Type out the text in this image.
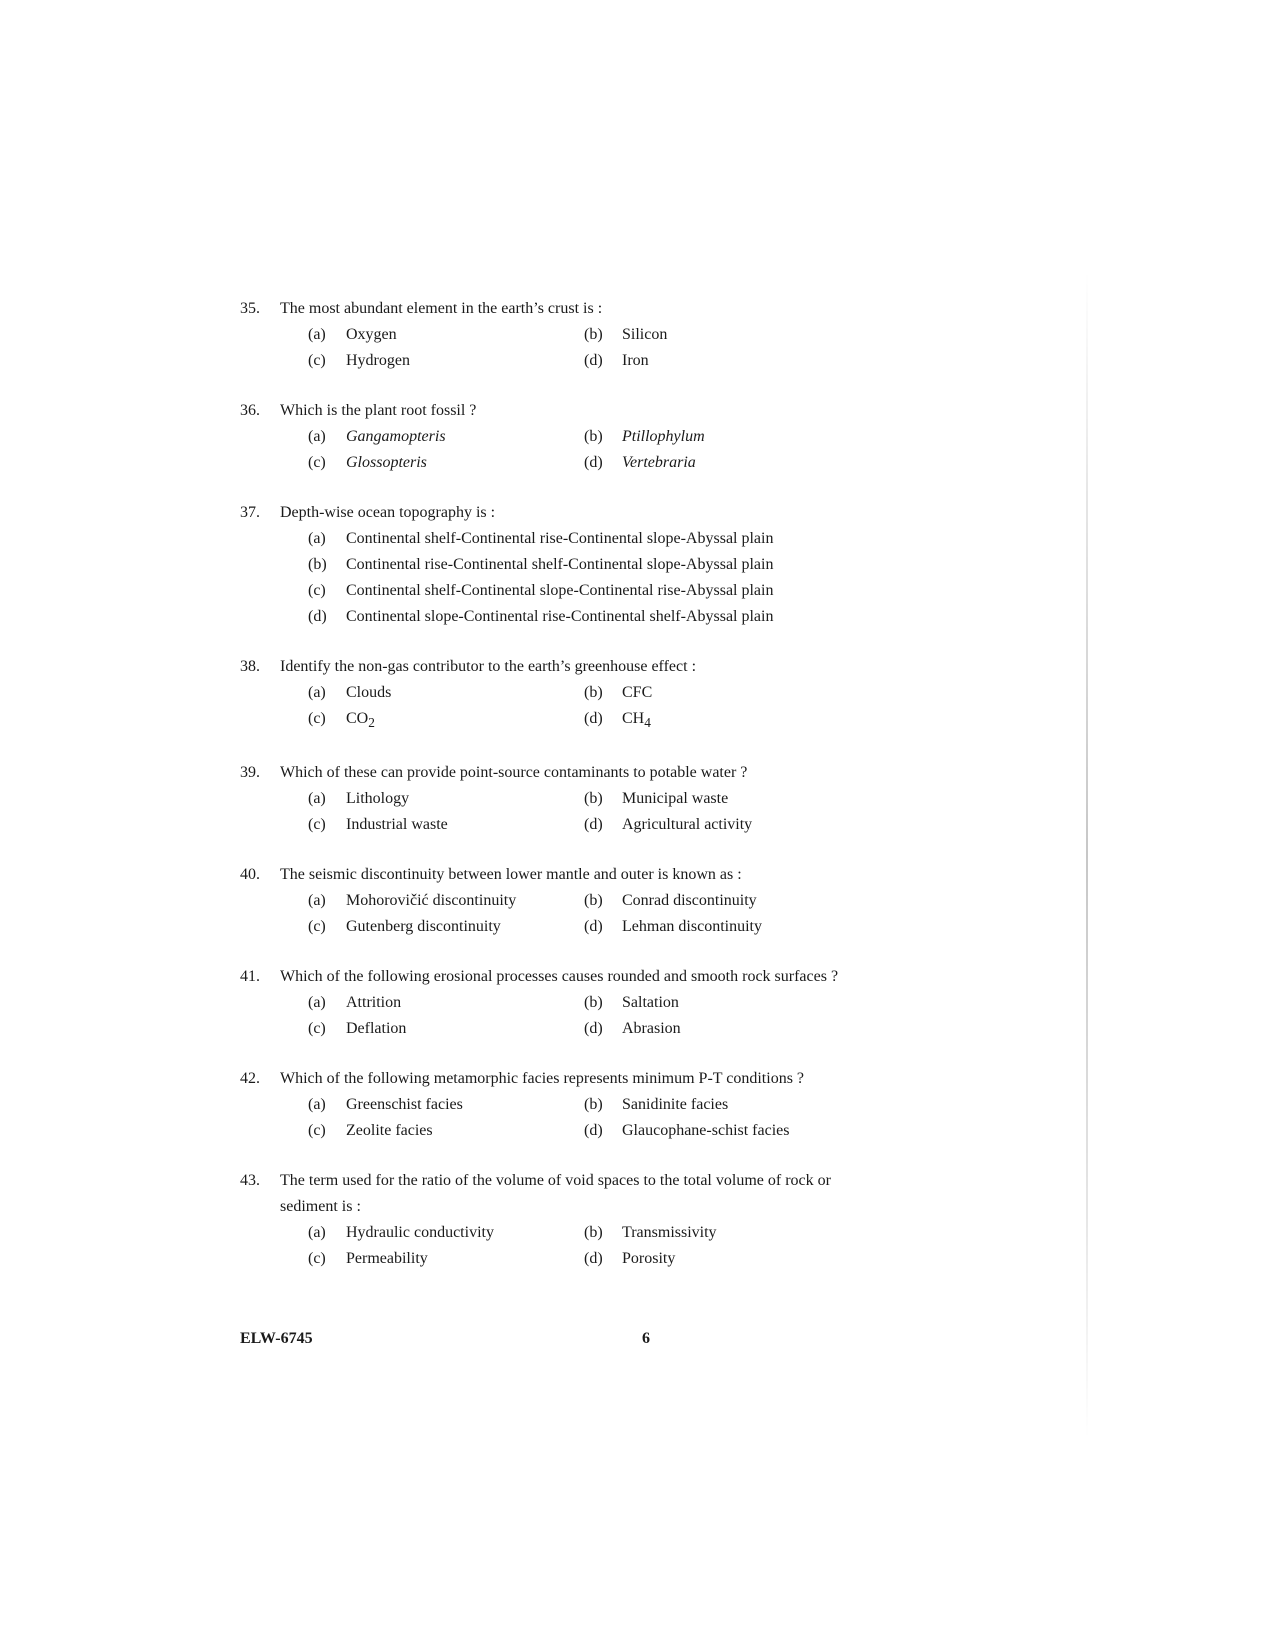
35.	The most abundant element in the earth’s crust is :
(a)	Oxygen	(b)	Silicon
(c)	Hydrogen	(d)	Iron
36.	Which is the plant root fossil ?
(a)	Gangamopteris	(b)	Ptillophylum
(c)	Glossopteris	(d)	Vertebraria
37.	Depth-wise ocean topography is :
(a)	Continental shelf-Continental rise-Continental slope-Abyssal plain
(b)	Continental rise-Continental shelf-Continental slope-Abyssal plain
(c)	Continental shelf-Continental slope-Continental rise-Abyssal plain
(d)	Continental slope-Continental rise-Continental shelf-Abyssal plain
38.	Identify the non-gas contributor to the earth’s greenhouse effect :
(a)	Clouds	(b)	CFC
(c)	$CO_2$	(d)	$CH_4$
39.	Which of these can provide point-source contaminants to potable water ?
(a)	Lithology	(b)	Municipal waste
(c)	Industrial waste	(d)	Agricultural activity
40.	The seismic discontinuity between lower mantle and outer is known as :
(a)	Mohorovičić discontinuity	(b)	Conrad discontinuity
(c)	Gutenberg discontinuity	(d)	Lehman discontinuity
41.	Which of the following erosional processes causes rounded and smooth rock surfaces ?
(a)	Attrition	(b)	Saltation
(c)	Deflation	(d)	Abrasion
42.	Which of the following metamorphic facies represents minimum P-T conditions ?
(a)	Greenschist facies	(b)	Sanidinite facies
(c)	Zeolite facies	(d)	Glaucophane-schist facies
43.	The term used for the ratio of the volume of void spaces to the total volume of rock or sediment is :
(a)	Hydraulic conductivity	(b)	Transmissivity
(c)	Permeability	(d)	Porosity
ELW-6745	6
